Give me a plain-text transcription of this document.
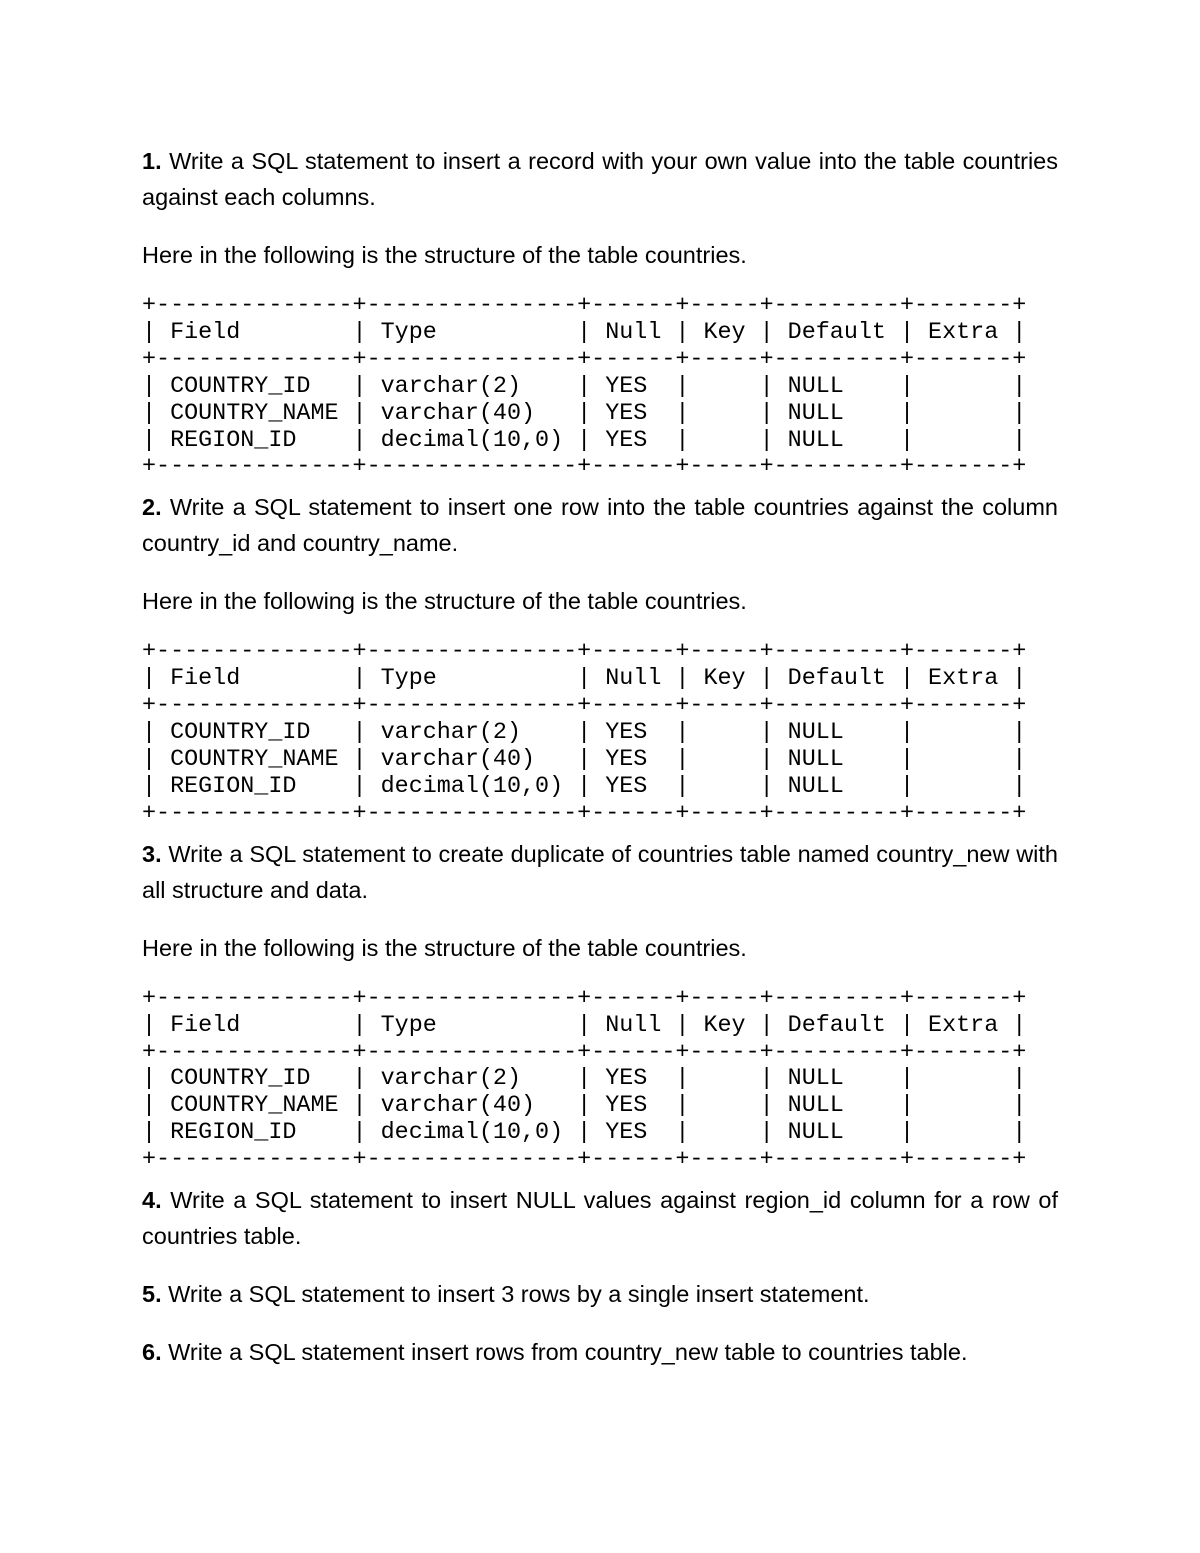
1. Write a SQL statement to insert a record with your own value into the table countries against each columns.

Here in the following is the structure of the table countries.

+--------------+---------------+------+-----+---------+-------+
| Field        | Type          | Null | Key | Default | Extra |
+--------------+---------------+------+-----+---------+-------+
| COUNTRY_ID   | varchar(2)    | YES  |     | NULL    |       |
| COUNTRY_NAME | varchar(40)   | YES  |     | NULL    |       |
| REGION_ID    | decimal(10,0) | YES  |     | NULL    |       |
+--------------+---------------+------+-----+---------+-------+

2. Write a SQL statement to insert one row into the table countries against the column country_id and country_name.

Here in the following is the structure of the table countries.

+--------------+---------------+------+-----+---------+-------+
| Field        | Type          | Null | Key | Default | Extra |
+--------------+---------------+------+-----+---------+-------+
| COUNTRY_ID   | varchar(2)    | YES  |     | NULL    |       |
| COUNTRY_NAME | varchar(40)   | YES  |     | NULL    |       |
| REGION_ID    | decimal(10,0) | YES  |     | NULL    |       |
+--------------+---------------+------+-----+---------+-------+

3. Write a SQL statement to create duplicate of countries table named country_new with all structure and data.

Here in the following is the structure of the table countries.

+--------------+---------------+------+-----+---------+-------+
| Field        | Type          | Null | Key | Default | Extra |
+--------------+---------------+------+-----+---------+-------+
| COUNTRY_ID   | varchar(2)    | YES  |     | NULL    |       |
| COUNTRY_NAME | varchar(40)   | YES  |     | NULL    |       |
| REGION_ID    | decimal(10,0) | YES  |     | NULL    |       |
+--------------+---------------+------+-----+---------+-------+

4. Write a SQL statement to insert NULL values against region_id column for a row of countries table.

5. Write a SQL statement to insert 3 rows by a single insert statement.

6. Write a SQL statement insert rows from country_new table to countries table.
